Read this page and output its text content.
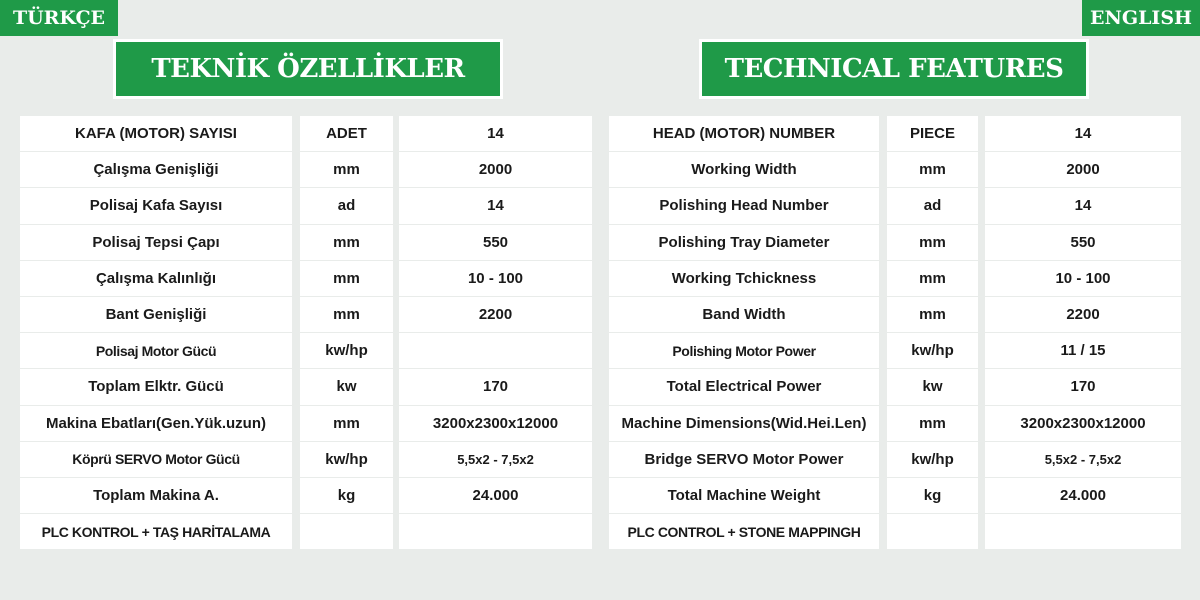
TÜRKÇE	ENGLISH
TEKNİK ÖZELLİKLER	TECHNICAL FEATURES
KAFA (MOTOR) SAYISI	ADET	14
Çalışma Genişliği	mm	2000
Polisaj Kafa Sayısı	ad	14
Polisaj Tepsi Çapı	mm	550
Çalışma Kalınlığı	mm	10 - 100
Bant Genişliği	mm	2200
Polisaj Motor Gücü	kw/hp
Toplam Elktr. Gücü	kw	170
Makina Ebatları(Gen.Yük.uzun)	mm	3200x2300x12000
Köprü SERVO Motor Gücü	kw/hp	5,5x2 - 7,5x2
Toplam Makina A.	kg	24.000
PLC KONTROL + TAŞ HARİTALAMA
HEAD (MOTOR) NUMBER	PIECE	14
Working Width	mm	2000
Polishing Head Number	ad	14
Polishing Tray Diameter	mm	550
Working Tchickness	mm	10 - 100
Band Width	mm	2200
Polishing Motor Power	kw/hp	11 / 15
Total Electrical Power	kw	170
Machine Dimensions(Wid.Hei.Len)	mm	3200x2300x12000
Bridge SERVO Motor Power	kw/hp	5,5x2 - 7,5x2
Total Machine Weight	kg	24.000
PLC CONTROL + STONE MAPPINGH
